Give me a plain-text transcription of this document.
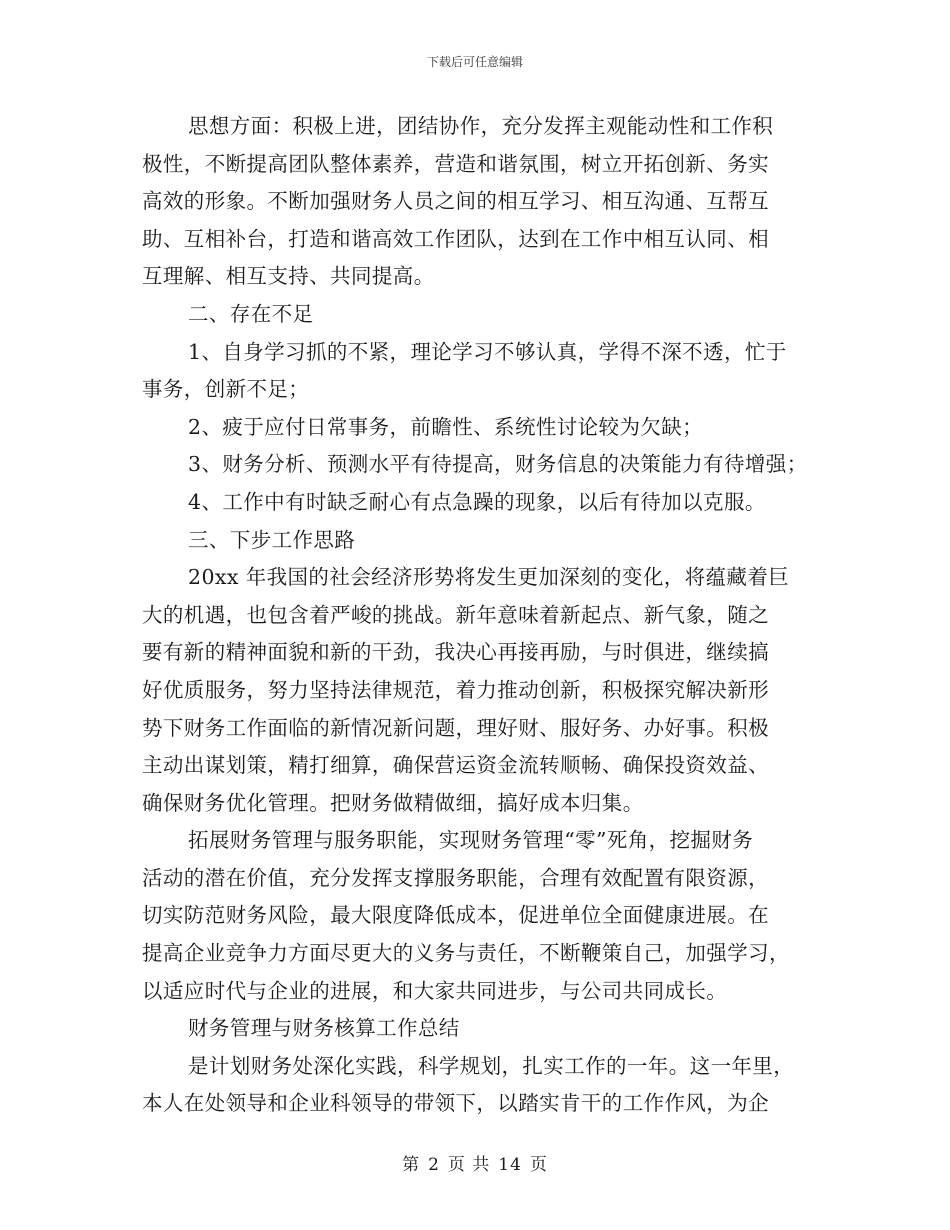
下载后可任意编辑
思想方面：积极上进，团结协作，充分发挥主观能动性和工作积
极性，不断提高团队整体素养，营造和谐氛围，树立开拓创新、务实
高效的形象。不断加强财务人员之间的相互学习、相互沟通、互帮互
助、互相补台，打造和谐高效工作团队，达到在工作中相互认同、相
互理解、相互支持、共同提高。
二、存在不足
1、自身学习抓的不紧，理论学习不够认真，学得不深不透，忙于
事务，创新不足；
2、疲于应付日常事务，前瞻性、系统性讨论较为欠缺；
3、财务分析、预测水平有待提高，财务信息的决策能力有待增强；
4、工作中有时缺乏耐心有点急躁的现象，以后有待加以克服。
三、下步工作思路
20xx 年我国的社会经济形势将发生更加深刻的变化，将蕴藏着巨
大的机遇，也包含着严峻的挑战。新年意味着新起点、新气象，随之
要有新的精神面貌和新的干劲，我决心再接再励，与时俱进，继续搞
好优质服务，努力坚持法律规范，着力推动创新，积极探究解决新形
势下财务工作面临的新情况新问题，理好财、服好务、办好事。积极
主动出谋划策，精打细算，确保营运资金流转顺畅、确保投资效益、
确保财务优化管理。把财务做精做细，搞好成本归集。
拓展财务管理与服务职能，实现财务管理“零”死角，挖掘财务
活动的潜在价值，充分发挥支撑服务职能，合理有效配置有限资源，
切实防范财务风险，最大限度降低成本，促进单位全面健康进展。在
提高企业竞争力方面尽更大的义务与责任，不断鞭策自己，加强学习，
以适应时代与企业的进展，和大家共同进步，与公司共同成长。
财务管理与财务核算工作总结
是计划财务处深化实践，科学规划，扎实工作的一年。这一年里，
本人在处领导和企业科领导的带领下，以踏实肯干的工作作风，为企
第 2 页 共 14 页
